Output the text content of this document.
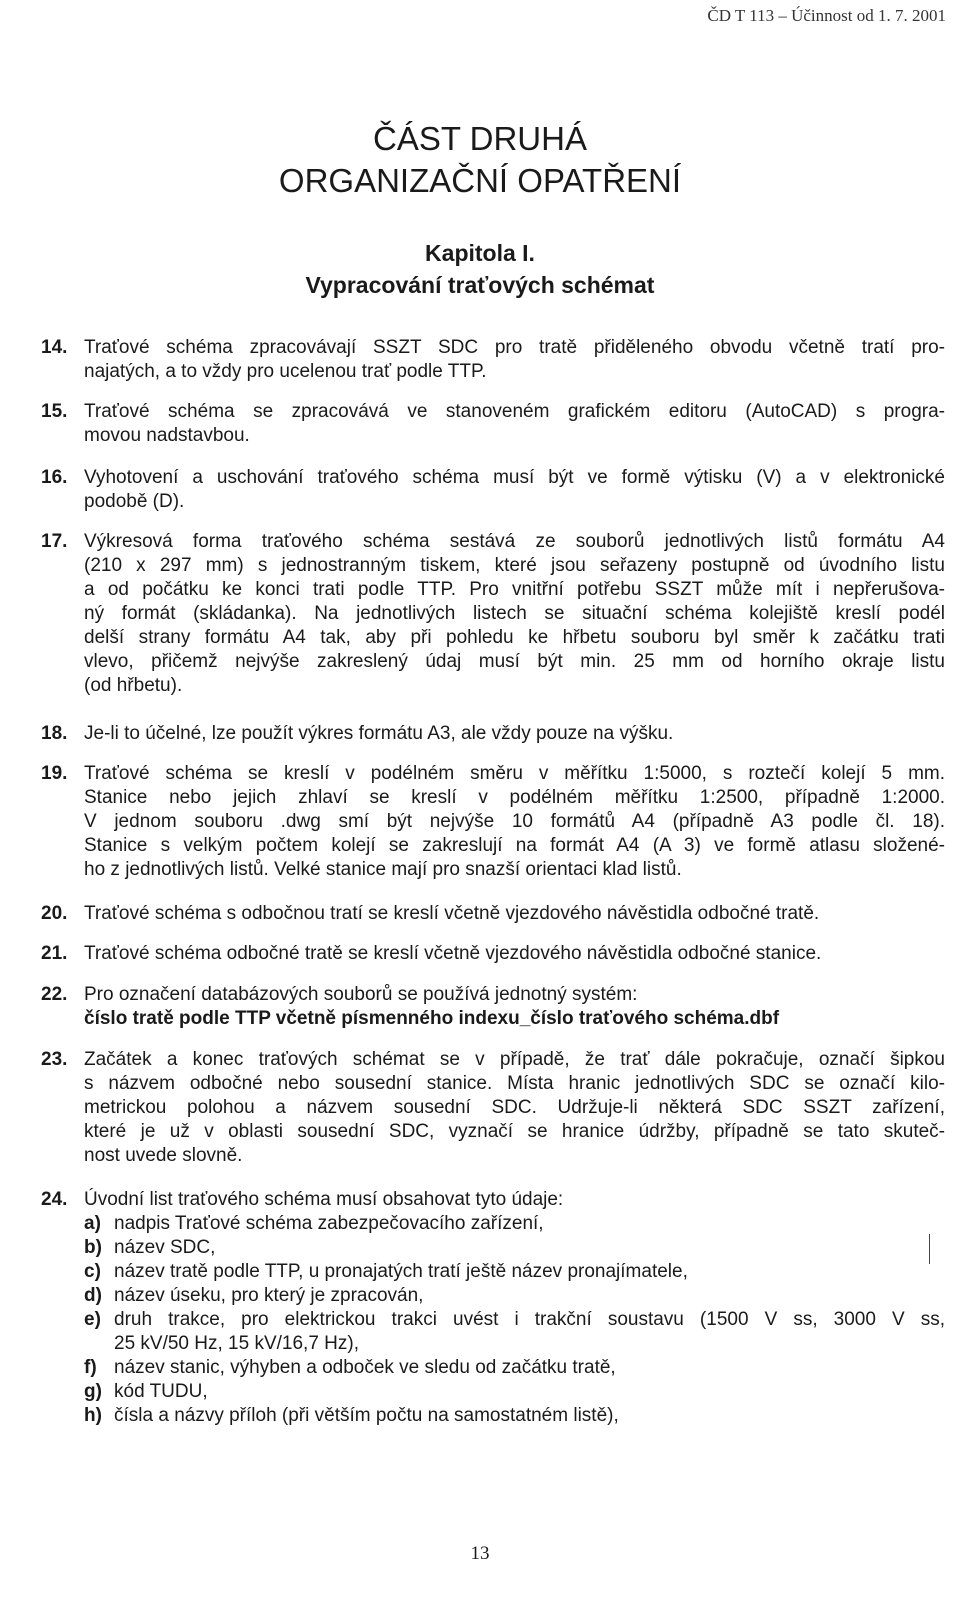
ČD T 113 – Účinnost od 1. 7. 2001
ČÁST DRUHÁ
ORGANIZAČNÍ OPATŘENÍ
Kapitola I.
Vypracování traťových schémat
14. Traťové schéma zpracovávají SSZT SDC pro tratě přiděleného obvodu včetně tratí pro-
najatých, a to vždy pro ucelenou trať podle TTP.
15. Traťové schéma se zpracovává ve stanoveném grafickém editoru (AutoCAD) s progra-
movou nadstavbou.
16. Vyhotovení a uschování traťového schéma musí být ve formě výtisku (V) a v elektronické
podobě (D).
17. Výkresová forma traťového schéma sestává ze souborů jednotlivých listů formátu A4
(210 x 297 mm) s jednostranným tiskem, které jsou seřazeny postupně od úvodního listu
a od počátku ke konci trati podle TTP. Pro vnitřní potřebu SSZT může mít i nepřerušova-
ný formát (skládanka). Na jednotlivých listech se situační schéma kolejiště kreslí podél
delší strany formátu A4 tak, aby při pohledu ke hřbetu souboru byl směr k začátku trati
vlevo, přičemž nejvýše zakreslený údaj musí být min. 25 mm od horního okraje listu
(od hřbetu).
18. Je-li to účelné, lze použít výkres formátu A3, ale vždy pouze na výšku.
19. Traťové schéma se kreslí v podélném směru v měřítku 1:5000, s roztečí kolejí 5 mm.
Stanice nebo jejich zhlaví se kreslí v podélném měřítku 1:2500, případně 1:2000.
V jednom souboru .dwg smí být nejvýše 10 formátů A4 (případně A3 podle čl. 18).
Stanice s velkým počtem kolejí se zakreslují na formát A4 (A 3) ve formě atlasu složené-
ho z jednotlivých listů. Velké stanice mají pro snazší orientaci klad listů.
20. Traťové schéma s odbočnou tratí se kreslí včetně vjezdového návěstidla odbočné tratě.
21. Traťové schéma odbočné tratě se kreslí včetně vjezdového návěstidla odbočné stanice.
22. Pro označení databázových souborů se používá jednotný systém:
číslo tratě podle TTP včetně písmenného indexu_číslo traťového schéma.dbf
23. Začátek a konec traťových schémat se v případě, že trať dále pokračuje, označí šipkou
s názvem odbočné nebo sousední stanice. Místa hranic jednotlivých SDC se označí kilo-
metrickou polohou a názvem sousední SDC. Udržuje-li některá SDC SSZT zařízení,
které je už v oblasti sousední SDC, vyznačí se hranice údržby, případně se tato skuteč-
nost uvede slovně.
24. Úvodní list traťového schéma musí obsahovat tyto údaje:
a) nadpis Traťové schéma zabezpečovacího zařízení,
b) název SDC,
c) název tratě podle TTP, u pronajatých tratí ještě název pronajímatele,
d) název úseku, pro který je zpracován,
e) druh trakce, pro elektrickou trakci uvést i trakční soustavu (1500 V ss, 3000 V ss,
25 kV/50 Hz, 15 kV/16,7 Hz),
f) název stanic, výhyben a odboček ve sledu od začátku tratě,
g) kód TUDU,
h) čísla a názvy příloh (při větším počtu na samostatném listě),
13
